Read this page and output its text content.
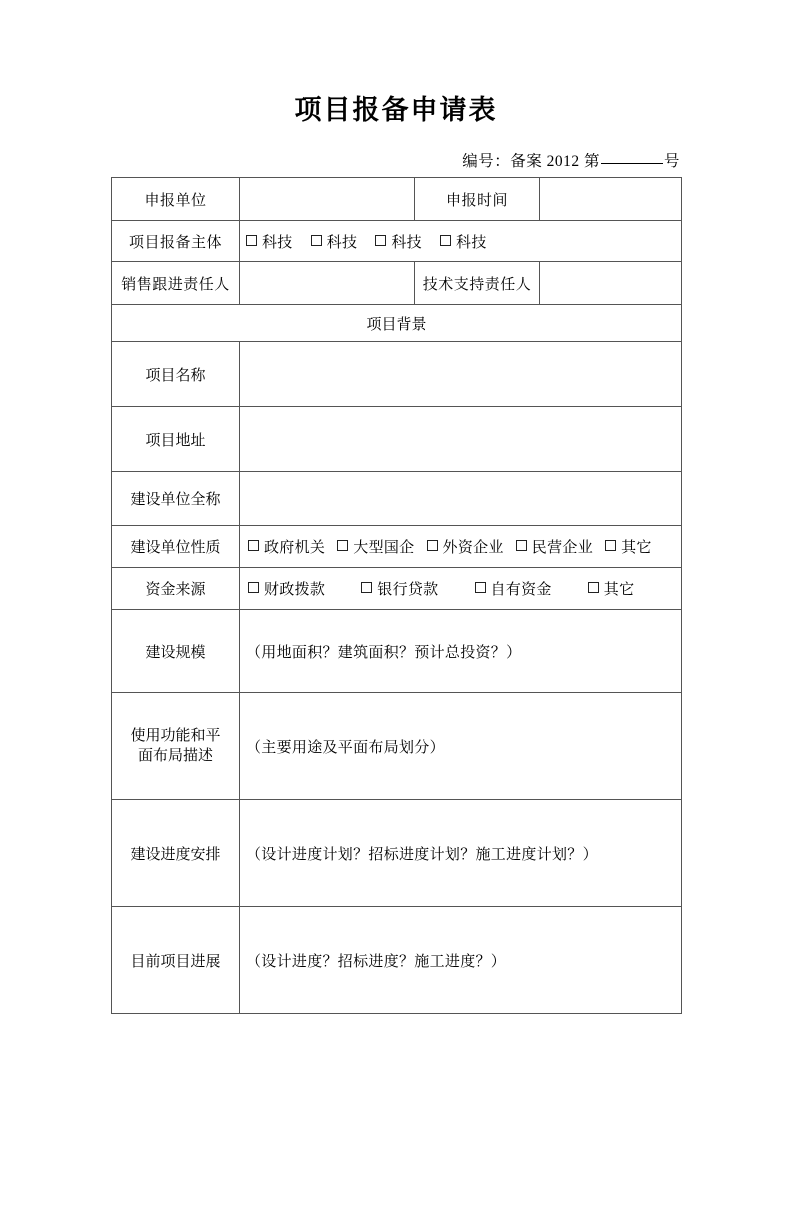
项目报备申请表
编号：备案 2012 第	号
申报单位		申报时间	
项目报备主体	科技 科技 科技 科技		
销售跟进责任人		技术支持责任人	
项目背景			
项目名称			
项目地址			
建设单位全称			
建设单位性质	政府机关 大型国企 外资企业 民营企业 其它		
资金来源	财政拨款 银行贷款 自有资金 其它		
建设规模	（用地面积？建筑面积？预计总投资？）		

使用功能和平
面布局描述	（主要用途及平面布局划分）		
建设进度安排	（设计进度计划？招标进度计划？施工进度计划？）		
目前项目进展	（设计进度？招标进度？施工进度？）		
